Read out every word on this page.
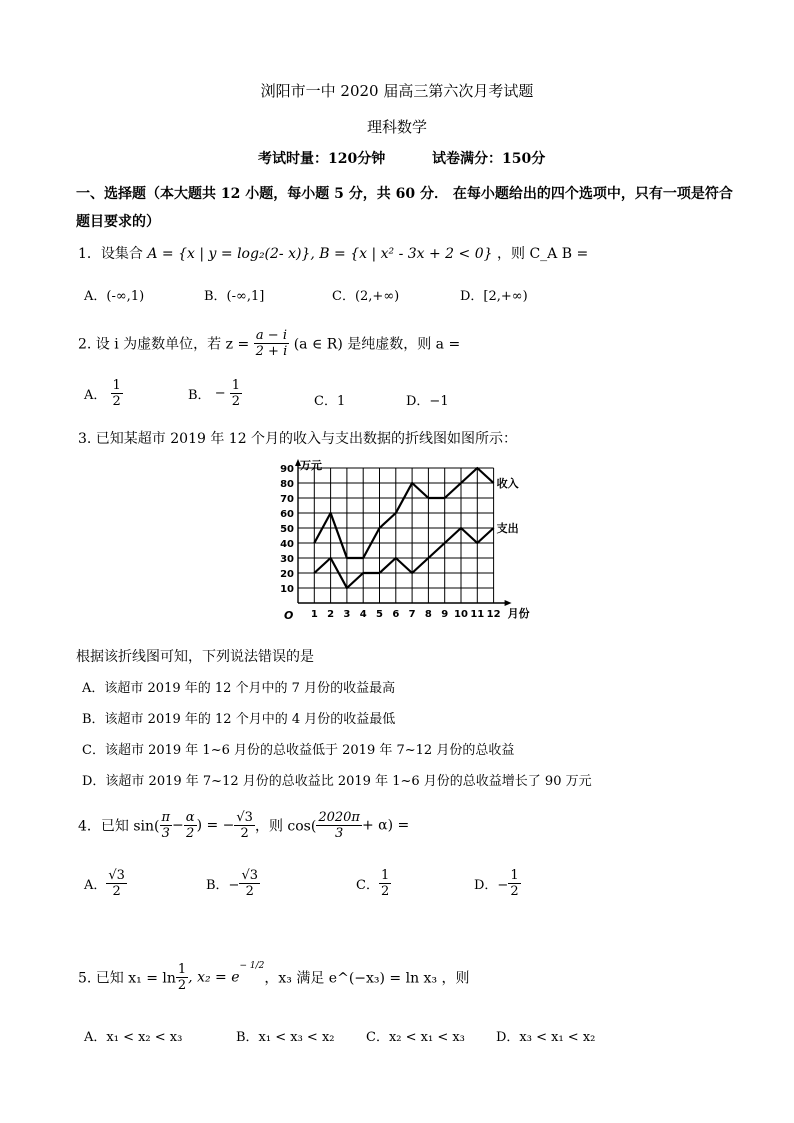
浏阳市一中 2020 届高三第六次月考试题
理科数学
考试时量：120分钟	试卷满分：150分
一、选择题（本大题共 12 小题，每小题 5 分，共 60 分． 在每小题给出的四个选项中，只有一项是符合题目要求的）
1．设集合 A = {x | y = log₂(2- x)}, B = {x | x² - 3x + 2 < 0} ，则 C_A B =
A．(-∞,1)	B．(-∞,1]	C．(2,+∞)	D．[2,+∞)
2. 设 i 为虚数单位，若 $z = \frac{a - i}{2 + i} (a$ ∈ R) 是纯虚数，则 a =
A． $\frac{1}{2}$	B． − $\frac{1}{2}$	C．1	D．−1
3. 已知某超市 2019 年 12 个月的收入与支出数据的折线图如图所示：
10
20
30
40
50
60
70
80
90
1 2 3 4 5 6 7 8 9 10 11 12
O
万元
月份
收入
支出
根据该折线图可知，下列说法错误的是
A．该超市 2019 年的 12 个月中的 7 月份的收益最高
B．该超市 2019 年的 12 个月中的 4 月份的收益最低
C．该超市 2019 年 1~6 月份的总收益低于 2019 年 7~12 月份的总收益
D．该超市 2019 年 7~12 月份的总收益比 2019 年 1~6 月份的总收益增长了 90 万元
4．已知 $\sin( \frac{\pi}{3} - \frac{\alpha}{2}$ ) = − $\frac{√3}{2}$ ，则 $\cos( \frac{2020\pi}{3} + \alpha)$ =
A． $\frac{√3}{2}$	B．− $\frac{√3}{2}$	C． $\frac{1}{2}$	D．− $\frac{1}{2}$
5. 已知 $x_1 = \ln \frac{1}{2}$ , $x_2 = e^{- 1/2}$，x₃ 满足 e^(−x₃) = ln x₃ ，则
A．x₁ < x₂ < x₃	B．x₁ < x₃ < x₂ C．x₂ < x₁ < x₃ D．x₃ < x₁ < x₂
